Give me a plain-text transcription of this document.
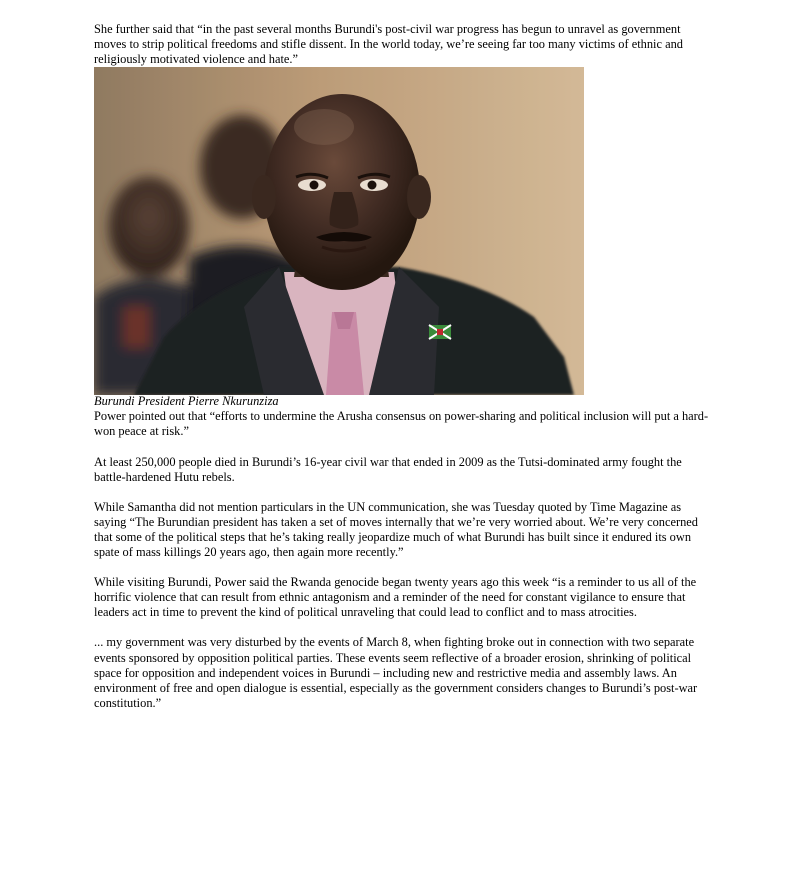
She further said that “in the past several months Burundi's post-civil war progress has begun to unravel as government moves to strip political freedoms and stifle dissent. In the world today, we’re seeing far too many victims of ethnic and religiously motivated violence and hate.”

Burundi President Pierre Nkurunziza

Power pointed out that “efforts to undermine the Arusha consensus on power-sharing and political inclusion will put a hard-won peace at risk.”

At least 250,000 people died in Burundi’s 16-year civil war that ended in 2009 as the Tutsi-dominated army fought the battle-hardened Hutu rebels.

While Samantha did not mention particulars in the UN communication, she was Tuesday quoted by Time Magazine as saying “The Burundian president has taken a set of moves internally that we’re very worried about. We’re very concerned that some of the political steps that he’s taking really jeopardize much of what Burundi has built since it endured its own spate of mass killings 20 years ago, then again more recently.”

While visiting Burundi, Power said the Rwanda genocide began twenty years ago this week “is a reminder to us all of the horrific violence that can result from ethnic antagonism and a reminder of the need for constant vigilance to ensure that leaders act in time to prevent the kind of political unraveling that could lead to conflict and to mass atrocities.

... my government was very disturbed by the events of March 8, when fighting broke out in connection with two separate events sponsored by opposition political parties. These events seem reflective of a broader erosion, shrinking of political space for opposition and independent voices in Burundi – including new and restrictive media and assembly laws. An environment of free and open dialogue is essential, especially as the government considers changes to Burundi’s post-war constitution.”
